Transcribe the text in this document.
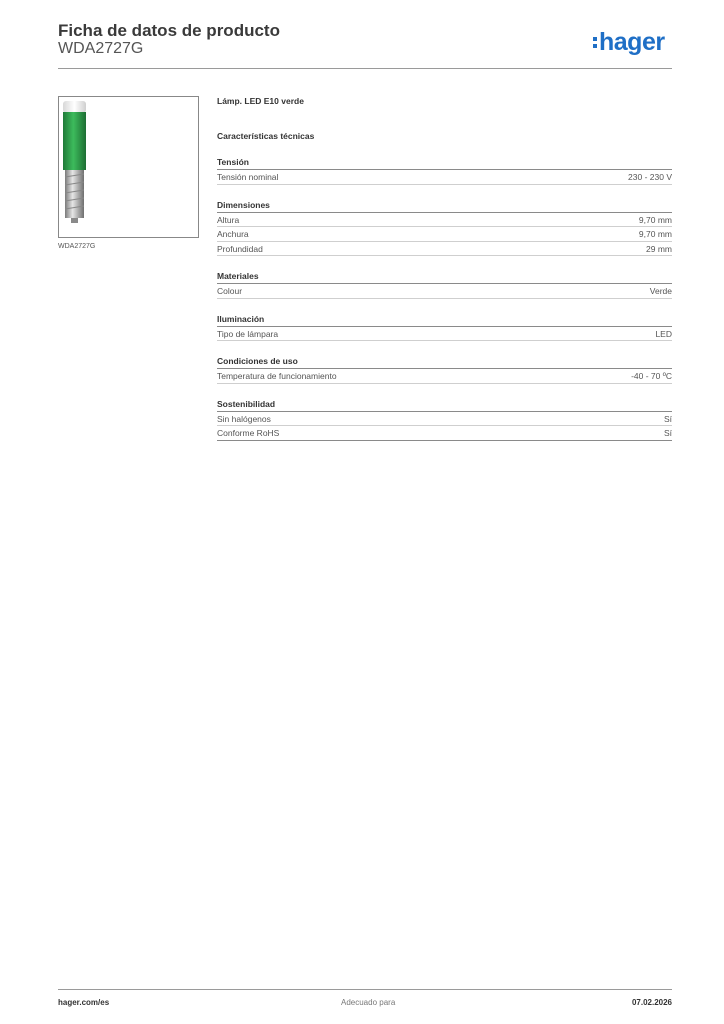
Ficha de datos de producto
WDA2727G	hager
WDA2727G
Lámp. LED E10 verde
Características técnicas
Tensión
Tensión nominal	230 - 230 V
Dimensiones
Altura	9,70 mm
Anchura	9,70 mm
Profundidad	29 mm
Materiales
Colour	Verde
Iluminación
Tipo de lámpara	LED
Condiciones de uso
Temperatura de funcionamiento	-40 - 70 ºC
Sostenibilidad
Sin halógenos	Sí
Conforme RoHS	Sí
hager.com/es	Adecuado para	07.02.2026
